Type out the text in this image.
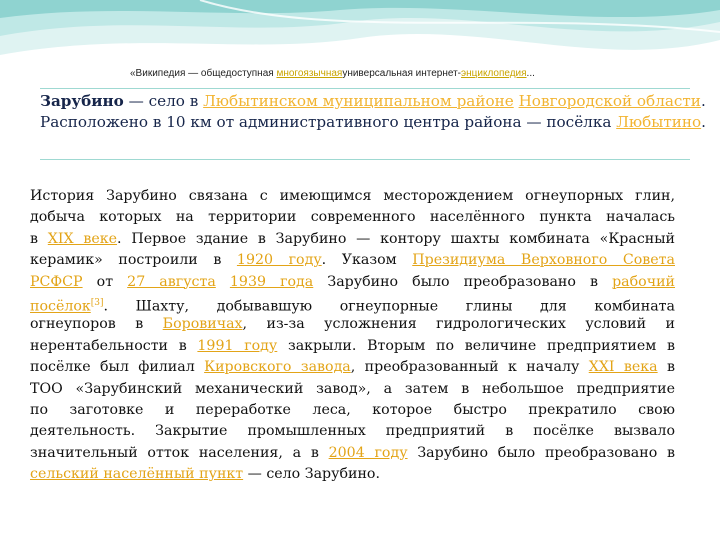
«Википедия — общедоступная многоязычнаяуниверсальная интернет-энциклопедия...
Зарубино — село в Любытинском муниципальном районе Новгородской области.
Расположено в 10 км от административного центра района — посёлка Любытино.
История Зарубино связана с имеющимся месторождением огнеупорных глин,
добыча которых на территории современного населённого пункта началась
в XIX веке. Первое здание в Зарубино — контору шахты комбината «Красный
керамик» построили в 1920 году. Указом Президиума Верховного Совета
РСФСР от 27 августа 1939 года Зарубино было преобразовано в рабочий
посёлок[3]. Шахту, добывавшую огнеупорные глины для комбината
огнеупоров в Боровичах, из-за усложнения гидрологических условий и
нерентабельности в 1991 году закрыли. Вторым по величине предприятием в
посёлке был филиал Кировского завода, преобразованный к началу XXI века в
ТОО «Зарубинский механический завод», а затем в небольшое предприятие
по заготовке и переработке леса, которое быстро прекратило свою
деятельность. Закрытие промышленных предприятий в посёлке вызвало
значительный отток населения, а в 2004 году Зарубино было преобразовано в
сельский населённый пункт — село Зарубино.
